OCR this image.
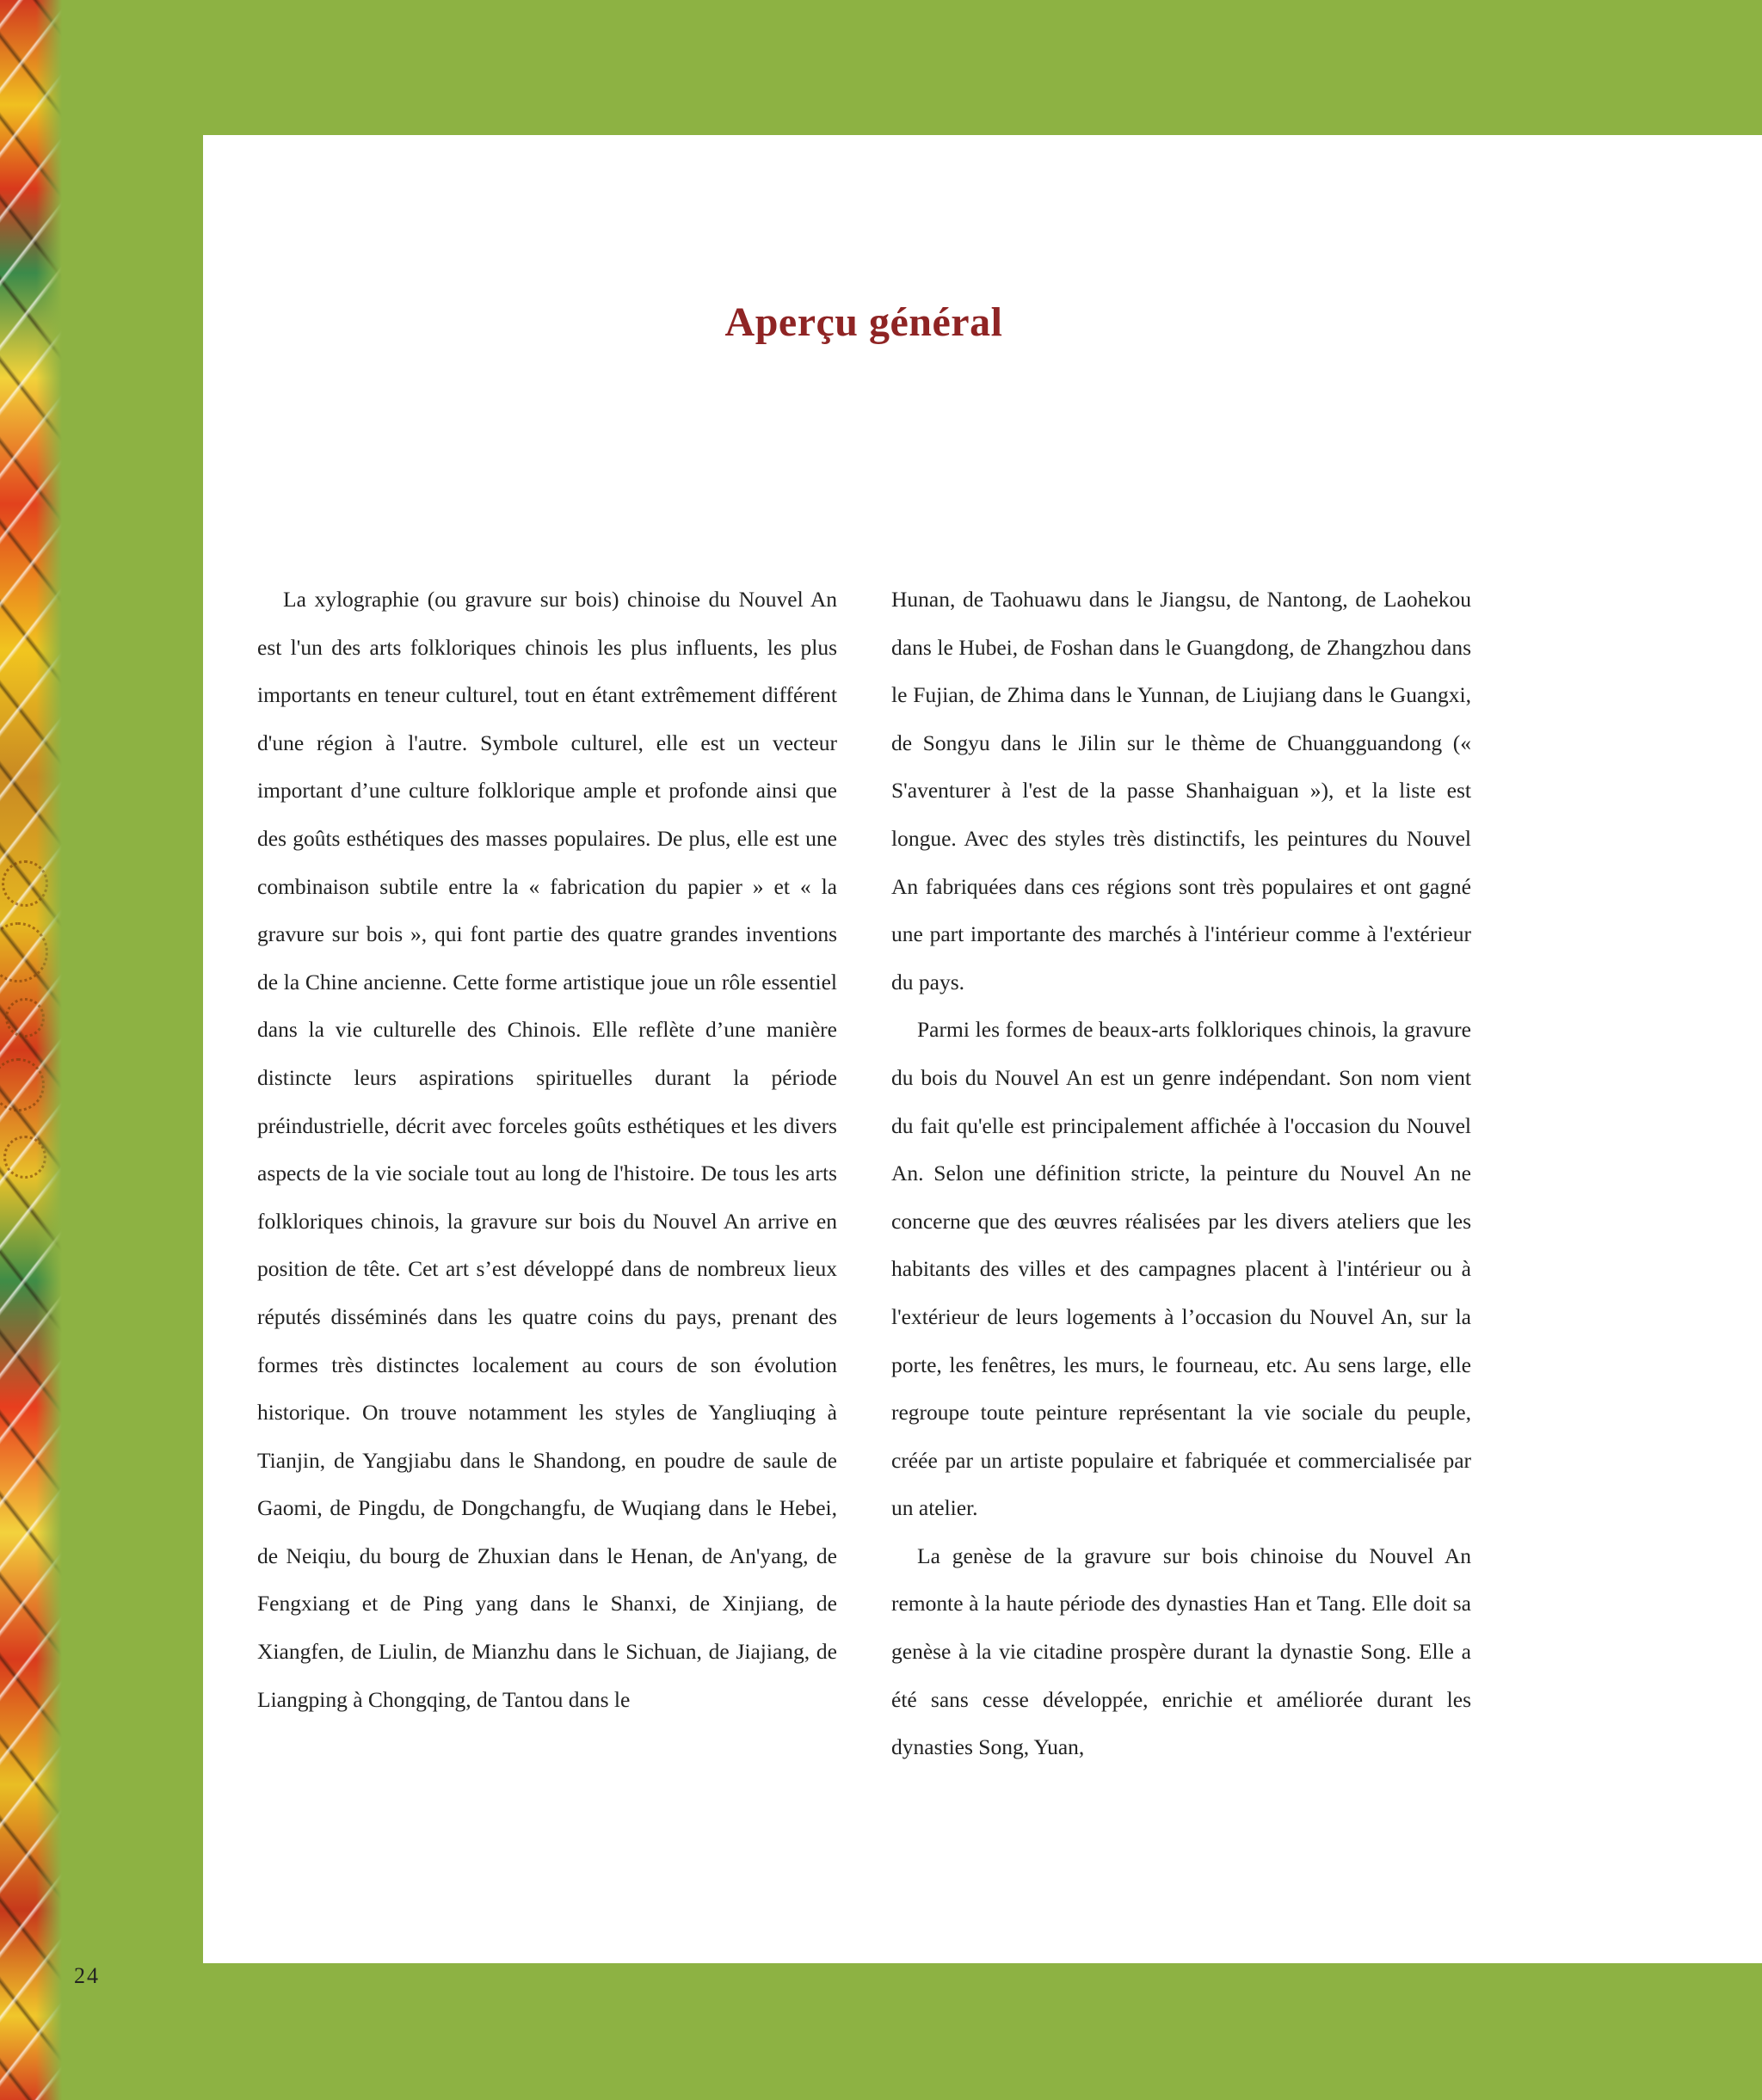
Aperçu général

La xylographie (ou gravure sur bois) chinoise du Nouvel An est l'un des arts folkloriques chinois les plus influents, les plus importants en teneur culturel, tout en étant extrêmement différent d'une région à l'autre. Symbole culturel, elle est un vecteur important d’une culture folklorique ample et profonde ainsi que des goûts esthétiques des masses populaires. De plus, elle est une combinaison subtile entre la « fabrication du papier » et « la gravure sur bois », qui font partie des quatre grandes inventions de la Chine ancienne. Cette forme artistique joue un rôle essentiel dans la vie culturelle des Chinois. Elle reflète d’une manière distincte leurs aspirations spirituelles durant la période préindustrielle, décrit avec forceles goûts esthétiques et les divers aspects de la vie sociale tout au long de l'histoire. De tous les arts folkloriques chinois, la gravure sur bois du Nouvel An arrive en position de tête. Cet art s’est développé dans de nombreux lieux réputés disséminés dans les quatre coins du pays, prenant des formes très distinctes localement au cours de son évolution historique. On trouve notamment les styles de Yangliuqing à Tianjin, de Yangjiabu dans le Shandong, en poudre de saule de Gaomi, de Pingdu, de Dongchangfu, de Wuqiang dans le Hebei, de Neiqiu, du bourg de Zhuxian dans le Henan, de An'yang, de Fengxiang et de Ping yang dans le Shanxi, de Xinjiang, de Xiangfen, de Liulin, de Mianzhu dans le Sichuan, de Jiajiang, de Liangping à Chongqing, de Tantou dans le

Hunan, de Taohuawu dans le Jiangsu, de Nantong, de Laohekou dans le Hubei, de Foshan dans le Guangdong, de Zhangzhou dans le Fujian, de Zhima dans le Yunnan, de Liujiang dans le Guangxi, de Songyu dans le Jilin sur le thème de Chuangguandong (« S'aventurer à l'est de la passe Shanhaiguan »), et la liste est longue. Avec des styles très distinctifs, les peintures du Nouvel An fabriquées dans ces régions sont très populaires et ont gagné une part importante des marchés à l'intérieur comme à l'extérieur du pays.

Parmi les formes de beaux-arts folkloriques chinois, la gravure du bois du Nouvel An est un genre indépendant. Son nom vient du fait qu'elle est principalement affichée à l'occasion du Nouvel An. Selon une définition stricte, la peinture du Nouvel An ne concerne que des œuvres réalisées par les divers ateliers que les habitants des villes et des campagnes placent à l'intérieur ou à l'extérieur de leurs logements à l’occasion du Nouvel An, sur la porte, les fenêtres, les murs, le fourneau, etc. Au sens large, elle regroupe toute peinture représentant la vie sociale du peuple, créée par un artiste populaire et fabriquée et commercialisée par un atelier.

La genèse de la gravure sur bois chinoise du Nouvel An remonte à la haute période des dynasties Han et Tang. Elle doit sa genèse à la vie citadine prospère durant la dynastie Song. Elle a été sans cesse développée, enrichie et améliorée durant les dynasties Song, Yuan,

24
